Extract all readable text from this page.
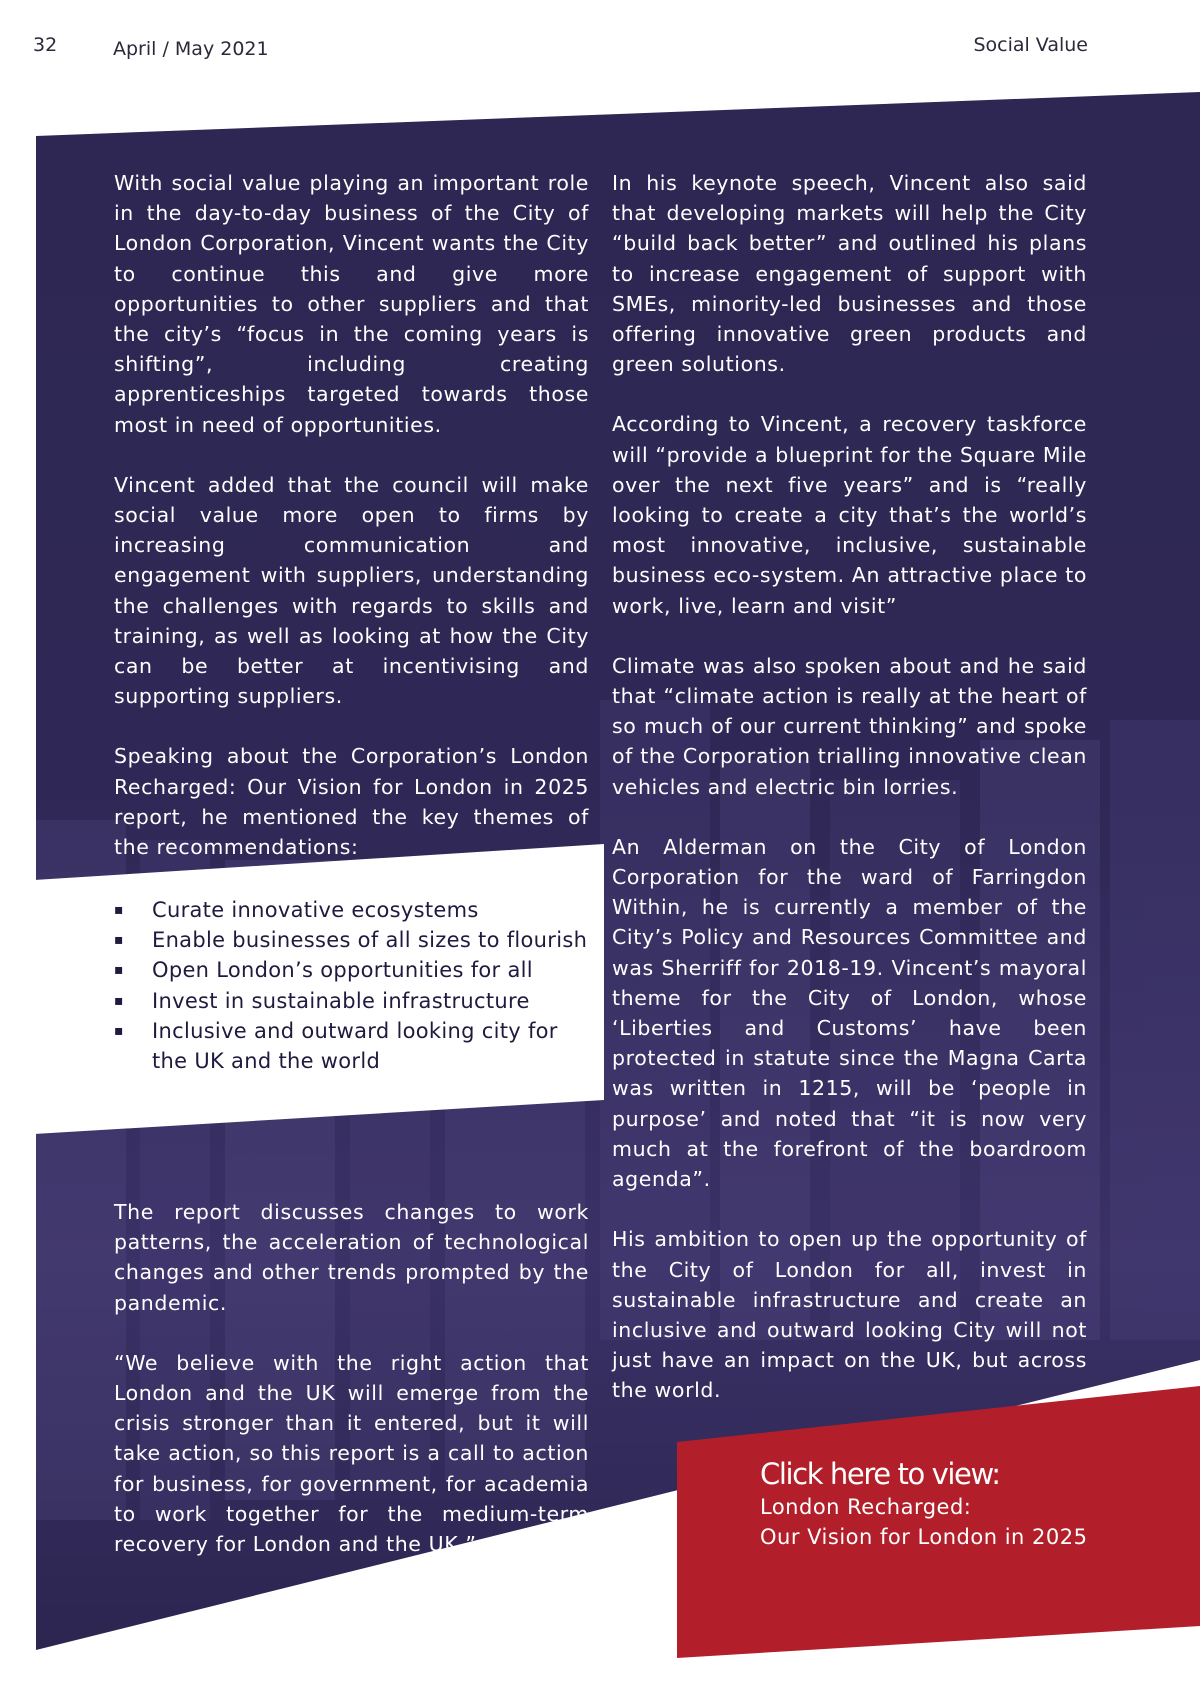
32	April / May 2021	Social Value

With social value playing an important role in the day-to-day business of the City of London Corporation, Vincent wants the City to continue this and give more opportunities to other suppliers and that the city’s “focus in the coming years is shifting”, including creating apprenticeships targeted towards those most in need of opportunities.

Vincent added that the council will make social value more open to firms by increasing communication and engagement with suppliers, understanding the challenges with regards to skills and training, as well as looking at how the City can be better at incentivising and supporting suppliers.

Speaking about the Corporation’s London Recharged: Our Vision for London in 2025 report, he mentioned the key themes of the recommendations:

▪	Curate innovative ecosystems
▪	Enable businesses of all sizes to flourish
▪	Open London’s opportunities for all
▪	Invest in sustainable infrastructure
▪	Inclusive and outward looking city for the UK and the world

The report discusses changes to work patterns, the acceleration of technological changes and other trends prompted by the pandemic.

“We believe with the right action that London and the UK will emerge from the crisis stronger than it entered, but it will take action, so this report is a call to action for business, for government, for academia to work together for the medium-term recovery for London and the UK.”

In his keynote speech, Vincent also said that developing markets will help the City “build back better” and outlined his plans to increase engagement of support with SMEs, minority-led businesses and those offering innovative green products and green solutions.

According to Vincent, a recovery taskforce will “provide a blueprint for the Square Mile over the next five years” and is “really looking to create a city that’s the world’s most innovative, inclusive, sustainable business eco-system. An attractive place to work, live, learn and visit”

Climate was also spoken about and he said that “climate action is really at the heart of so much of our current thinking” and spoke of the Corporation trialling innovative clean vehicles and electric bin lorries.

An Alderman on the City of London Corporation for the ward of Farringdon Within, he is currently a member of the City’s Policy and Resources Committee and was Sherriff for 2018-19. Vincent’s mayoral theme for the City of London, whose ‘Liberties and Customs’ have been protected in statute since the Magna Carta was written in 1215, will be ‘people in purpose’ and noted that “it is now very much at the forefront of the boardroom agenda”.

His ambition to open up the opportunity of the City of London for all, invest in sustainable infrastructure and create an inclusive and outward looking City will not just have an impact on the UK, but across the world.

Click here to view:
London Recharged:
Our Vision for London in 2025
